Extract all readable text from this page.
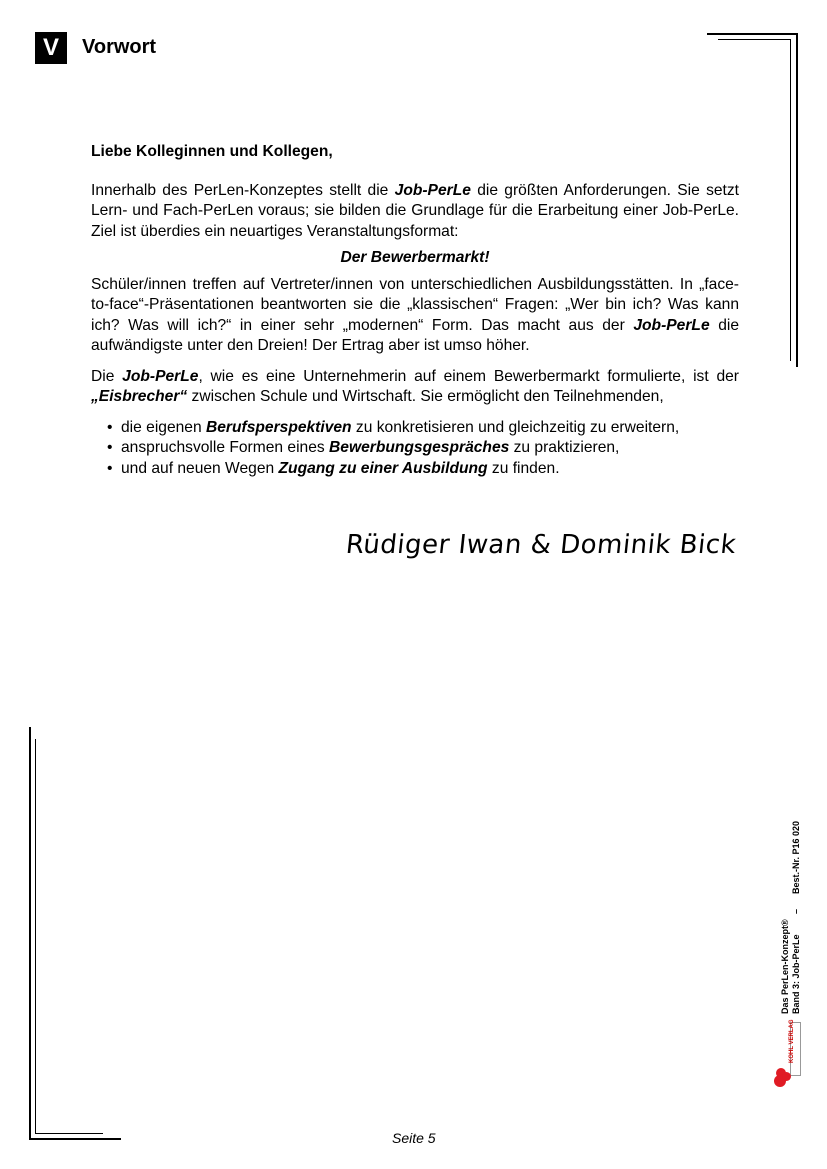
V	Vorwort

Liebe Kolleginnen und Kollegen,

Innerhalb des PerLen-Konzeptes stellt die Job-PerLe die größten Anforderungen. Sie setzt Lern- und Fach-PerLen voraus; sie bilden die Grundlage für die Erarbeitung einer Job-PerLe. Ziel ist überdies ein neuartiges Veranstaltungsformat:

Der Bewerbermarkt!

Schüler/innen treffen auf Vertreter/innen von unterschiedlichen Ausbildungsstätten. In „face-to-face“-Präsentationen beantworten sie die „klassischen“ Fragen: „Wer bin ich? Was kann ich? Was will ich?“ in einer sehr „modernen“ Form. Das macht aus der Job-PerLe die aufwändigste unter den Dreien! Der Ertrag aber ist umso höher.

Die Job-PerLe, wie es eine Unternehmerin auf einem Bewerbermarkt formulierte, ist der „Eisbrecher“ zwischen Schule und Wirtschaft. Sie ermöglicht den Teilnehmenden,

• die eigenen Berufsperspektiven zu konkretisieren und gleichzeitig zu erweitern,
• anspruchsvolle Formen eines Bewerbungsgespräches zu praktizieren,
• und auf neuen Wegen Zugang zu einer Ausbildung zu finden.
Rüdiger Iwan & Dominik Bick
Best.-Nr. P16 020
–
Das PerLen-Konzept® Band 3: Job-PerLe
KOHL VERLAG
Seite 5
